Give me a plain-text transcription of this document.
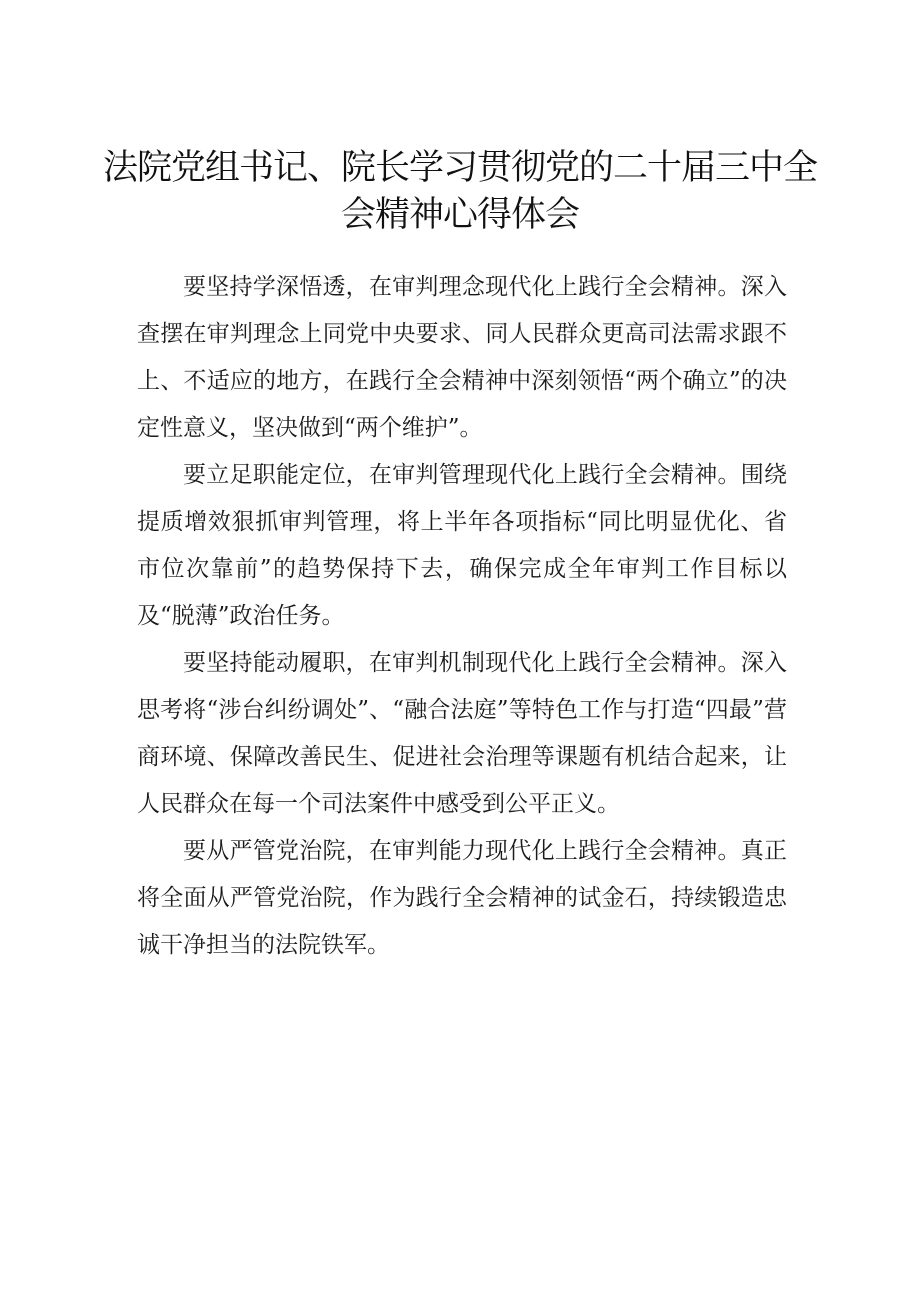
法院党组书记、院长学习贯彻党的二十届三中全
会精神心得体会

要坚持学深悟透，在审判理念现代化上践行全会精神。深入查摆在审判理念上同党中央要求、同人民群众更高司法需求跟不上、不适应的地方，在践行全会精神中深刻领悟“两个确立”的决定性意义，坚决做到“两个维护”。

要立足职能定位，在审判管理现代化上践行全会精神。围绕提质增效狠抓审判管理，将上半年各项指标“同比明显优化、省市位次靠前”的趋势保持下去，确保完成全年审判工作目标以及“脱薄”政治任务。

要坚持能动履职，在审判机制现代化上践行全会精神。深入思考将“涉台纠纷调处”、“融合法庭”等特色工作与打造“四最”营商环境、保障改善民生、促进社会治理等课题有机结合起来，让人民群众在每一个司法案件中感受到公平正义。

要从严管党治院，在审判能力现代化上践行全会精神。真正将全面从严管党治院，作为践行全会精神的试金石，持续锻造忠诚干净担当的法院铁军。
